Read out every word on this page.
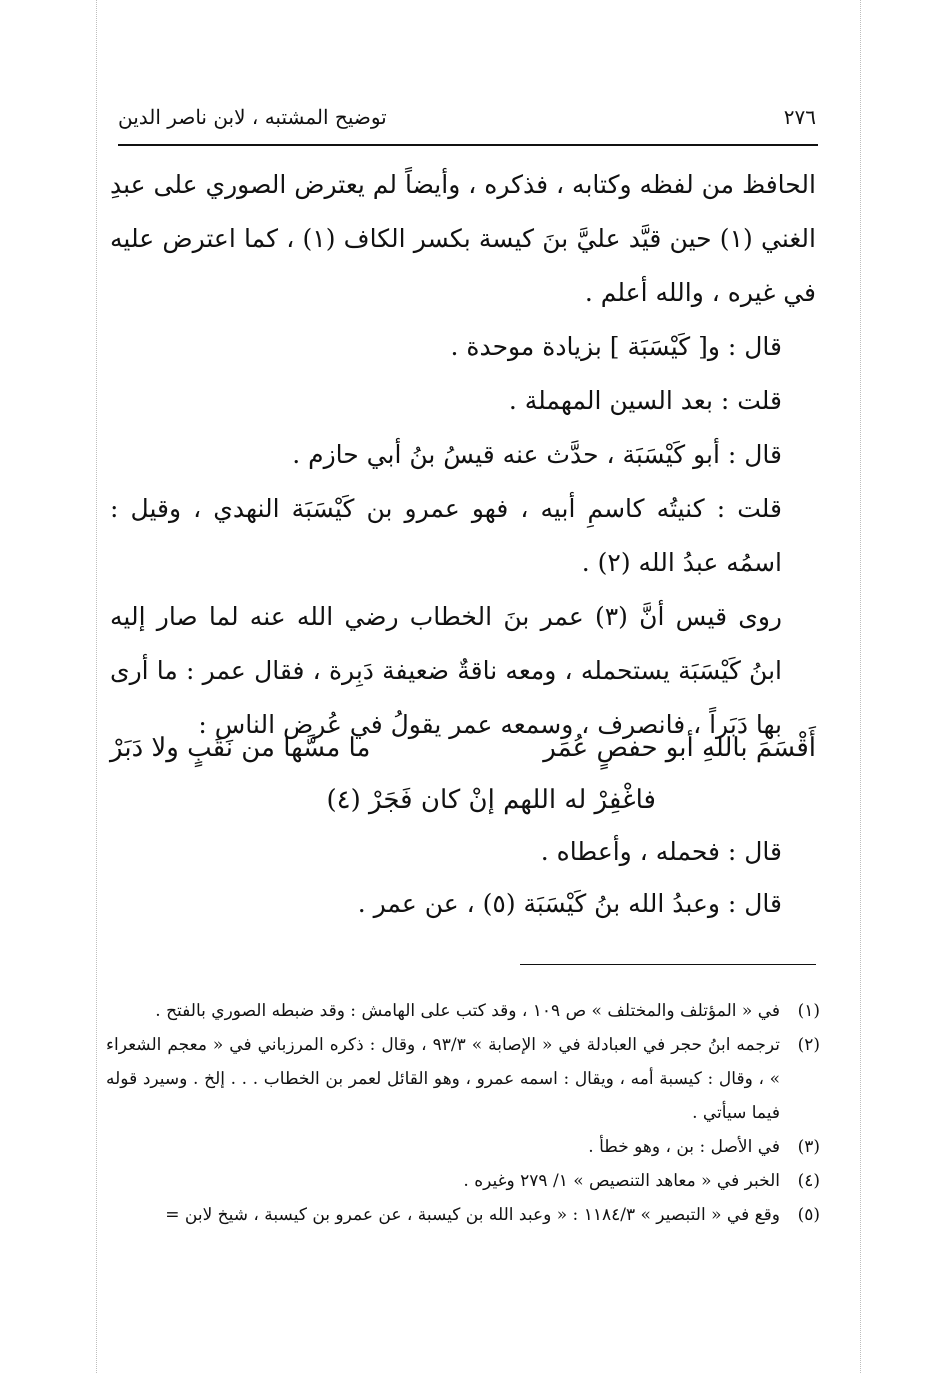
٢٧٦
توضيح المشتبه ، لابن ناصر الدين

الحافظ من لفظه وكتابه ، فذكره ، وأيضاً لم يعترض الصوري على عبدِ الغني (١) حين قيَّد عليَّ بنَ كيسة بكسر الكاف (١) ، كما اعترض عليه في غيره ، والله أعلم .

قال : و[ كَيْسَبَة ] بزيادة موحدة .

قلت : بعد السين المهملة .

قال : أبو كَيْسَبَة ، حدَّث عنه قيسُ بنُ أبي حازم .

قلت : كنيتُه كاسمِ أبيه ، فهو عمرو بن كَيْسَبَة النهدي ، وقيل : اسمُه عبدُ الله (٢) .

روى قيس أنَّ (٣) عمر بنَ الخطاب رضي الله عنه لما صار إليه ابنُ كَيْسَبَة يستحمله ، ومعه ناقةٌ ضعيفة دَبِرة ، فقال عمر : ما أرى بها دَبَراً ، فانصرف ، وسمعه عمر يقولُ في عُرض الناس :

أَقْسَمَ باللهِ أبو حفصٍ عُمَر
ما مسَّها من نَقَبٍ ولا دَبَرْ
فاغْفِرْ له اللهم إنْ كان فَجَرْ (٤)

قال : فحمله ، وأعطاه .

قال : وعبدُ الله بنُ كَيْسَبَة (٥) ، عن عمر .

(١)
في « المؤتلف والمختلف » ص ١٠٩ ، وقد كتب على الهامش : وقد ضبطه الصوري بالفتح .
(٢)
ترجمه ابنُ حجر في العبادلة في « الإصابة » ٩٣/٣ ، وقال : ذكره المرزباني في « معجم الشعراء » ، وقال : كيسبة أمه ، ويقال : اسمه عمرو ، وهو القائل لعمر بن الخطاب . . . إلخ . وسيرد قوله فيما سيأتي .
(٣)
في الأصل : بن ، وهو خطأ .
(٤)
الخبر في « معاهد التنصيص » ١/ ٢٧٩ وغيره .
(٥)
وقع في « التبصير » ١١٨٤/٣ : « وعبد الله بن كيسبة ، عن عمرو بن كيسبة ، شيخ لابن =
